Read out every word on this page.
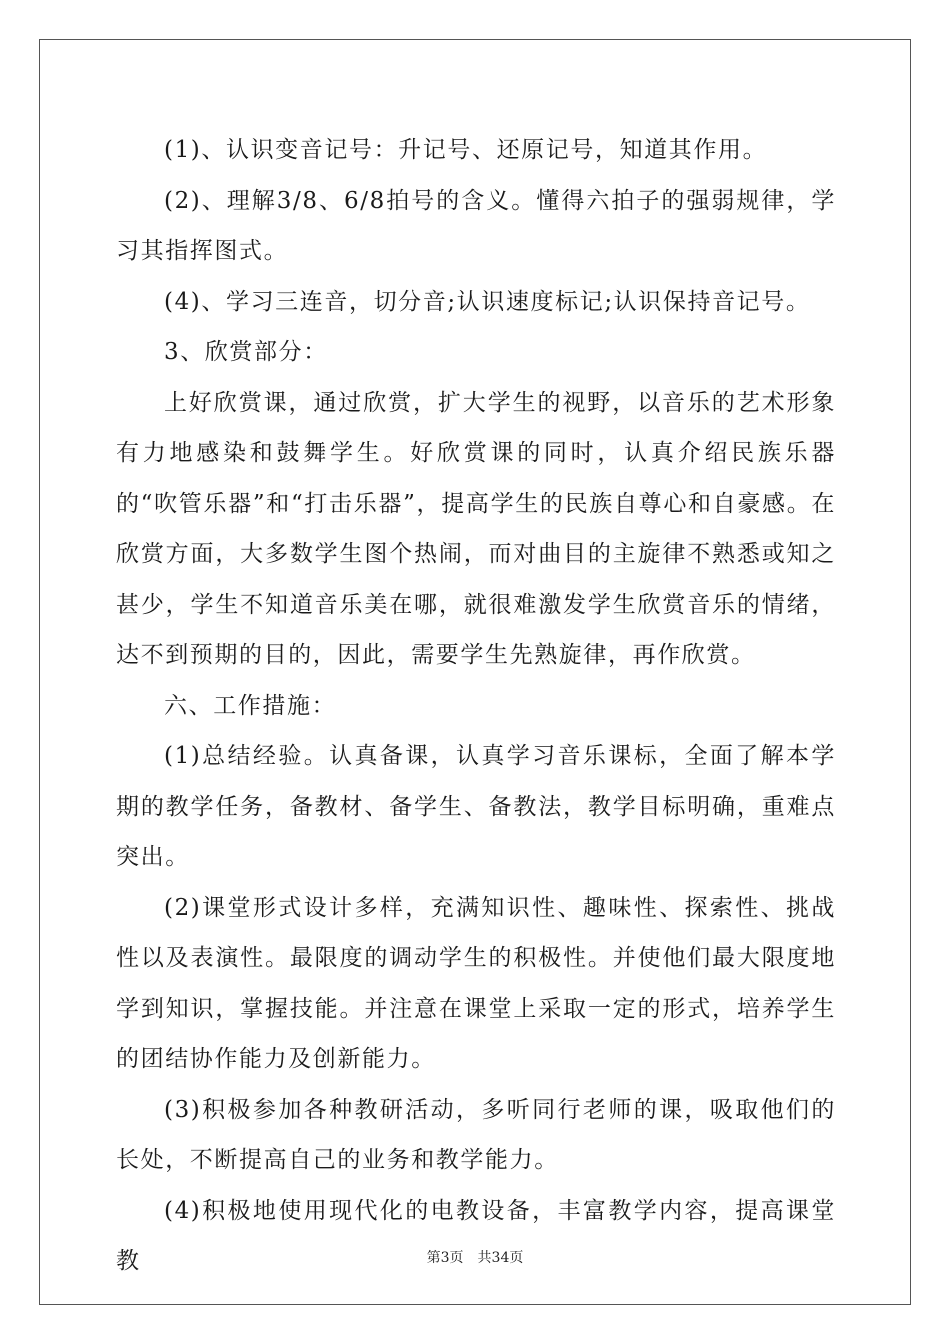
(1)、认识变音记号：升记号、还原记号，知道其作用。

(2)、理解3/8、6/8拍号的含义。懂得六拍子的强弱规律，学习其指挥图式。

(4)、学习三连音，切分音;认识速度标记;认识保持音记号。

3、欣赏部分：

上好欣赏课，通过欣赏，扩大学生的视野，以音乐的艺术形象有力地感染和鼓舞学生。好欣赏课的同时，认真介绍民族乐器的“吹管乐器”和“打击乐器”，提高学生的民族自尊心和自豪感。在欣赏方面，大多数学生图个热闹，而对曲目的主旋律不熟悉或知之甚少，学生不知道音乐美在哪，就很难激发学生欣赏音乐的情绪，达不到预期的目的，因此，需要学生先熟旋律，再作欣赏。

六、工作措施：

(1)总结经验。认真备课，认真学习音乐课标，全面了解本学期的教学任务，备教材、备学生、备教法，教学目标明确，重难点突出。

(2)课堂形式设计多样，充满知识性、趣味性、探索性、挑战性以及表演性。最限度的调动学生的积极性。并使他们最大限度地学到知识，掌握技能。并注意在课堂上采取一定的形式，培养学生的团结协作能力及创新能力。

(3)积极参加各种教研活动，多听同行老师的课，吸取他们的长处，不断提高自己的业务和教学能力。

(4)积极地使用现代化的电教设备，丰富教学内容，提高课堂教	第3页 共34页
